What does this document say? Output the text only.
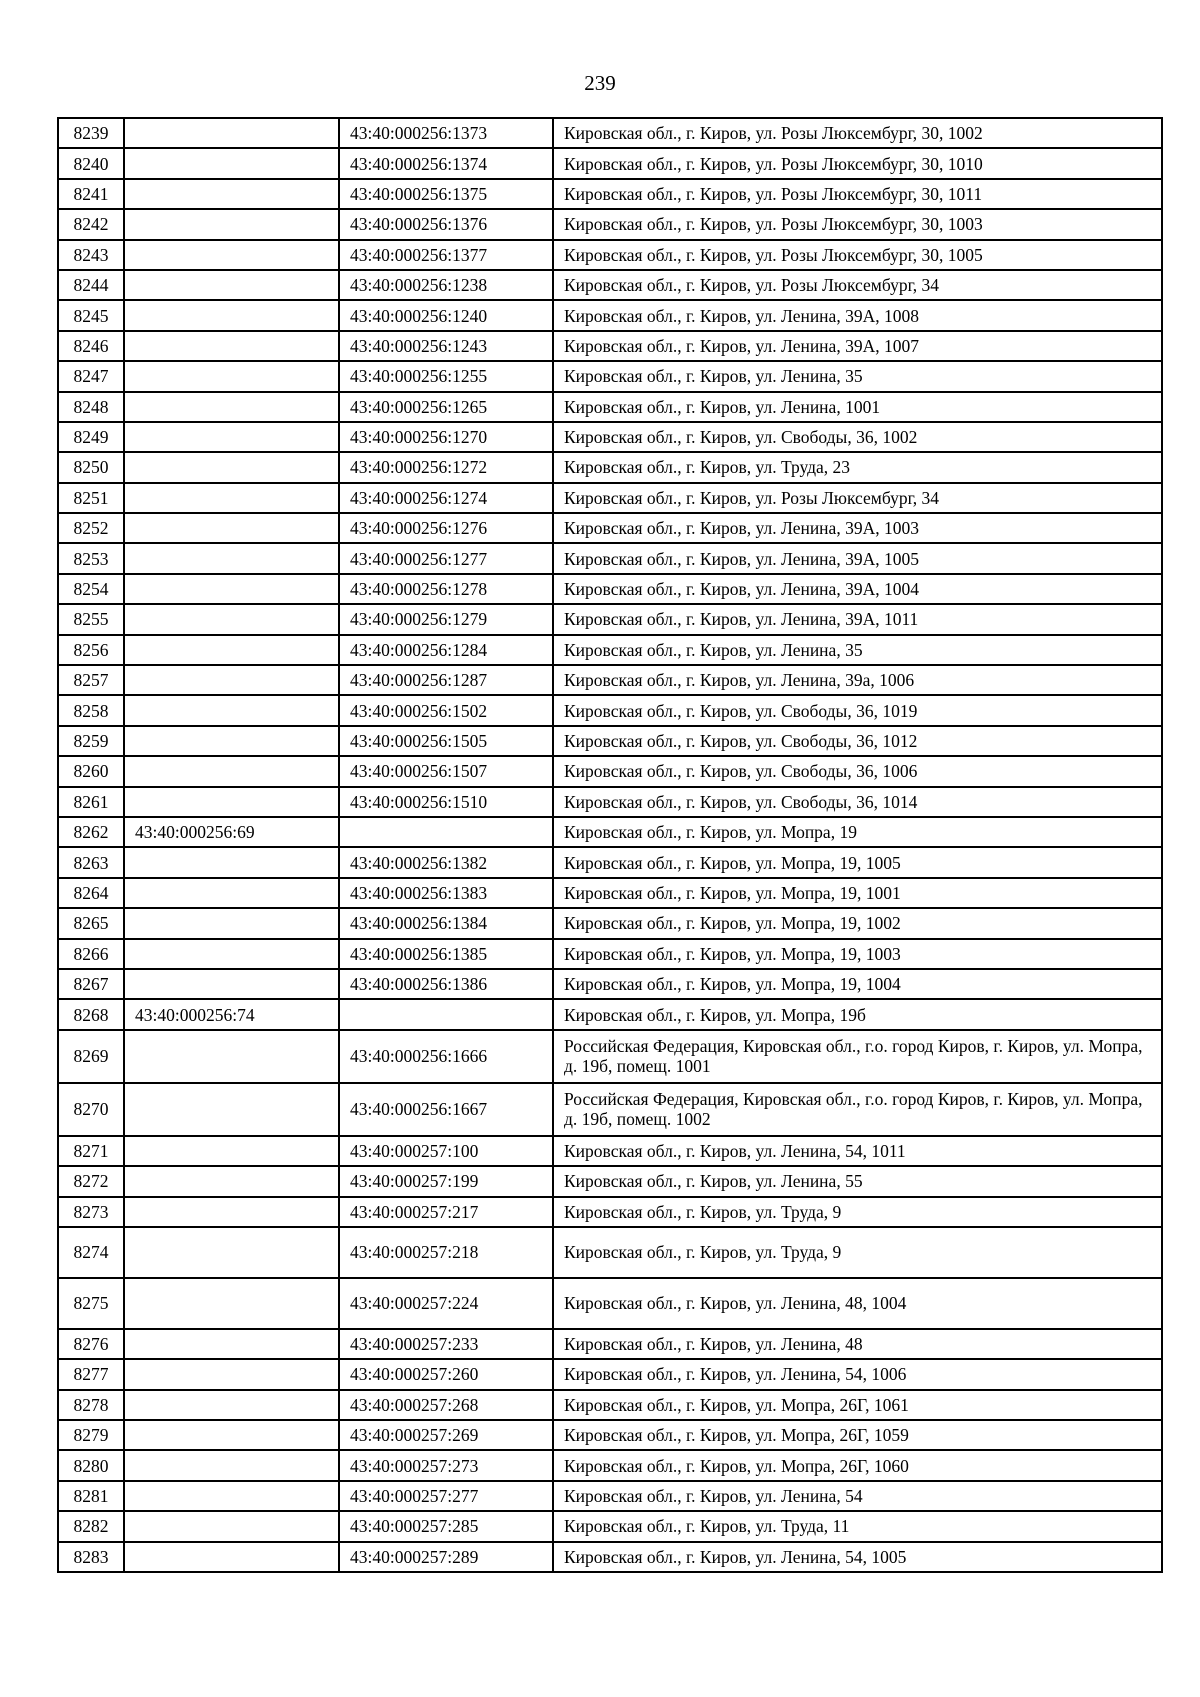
239
8239		43:40:000256:1373	Кировская обл., г. Киров, ул. Розы Люксембург, 30, 1002
8240		43:40:000256:1374	Кировская обл., г. Киров, ул. Розы Люксембург, 30, 1010
8241		43:40:000256:1375	Кировская обл., г. Киров, ул. Розы Люксембург, 30, 1011
8242		43:40:000256:1376	Кировская обл., г. Киров, ул. Розы Люксембург, 30, 1003
8243		43:40:000256:1377	Кировская обл., г. Киров, ул. Розы Люксембург, 30, 1005
8244		43:40:000256:1238	Кировская обл., г. Киров, ул. Розы Люксембург, 34
8245		43:40:000256:1240	Кировская обл., г. Киров, ул. Ленина, 39А, 1008
8246		43:40:000256:1243	Кировская обл., г. Киров, ул. Ленина, 39А, 1007
8247		43:40:000256:1255	Кировская обл., г. Киров, ул. Ленина, 35
8248		43:40:000256:1265	Кировская обл., г. Киров, ул. Ленина, 1001
8249		43:40:000256:1270	Кировская обл., г. Киров, ул. Свободы, 36, 1002
8250		43:40:000256:1272	Кировская обл., г. Киров, ул. Труда, 23
8251		43:40:000256:1274	Кировская обл., г. Киров, ул. Розы Люксембург, 34
8252		43:40:000256:1276	Кировская обл., г. Киров, ул. Ленина, 39А, 1003
8253		43:40:000256:1277	Кировская обл., г. Киров, ул. Ленина, 39А, 1005
8254		43:40:000256:1278	Кировская обл., г. Киров, ул. Ленина, 39А, 1004
8255		43:40:000256:1279	Кировская обл., г. Киров, ул. Ленина, 39А, 1011
8256		43:40:000256:1284	Кировская обл., г. Киров, ул. Ленина, 35
8257		43:40:000256:1287	Кировская обл., г. Киров, ул. Ленина, 39а, 1006
8258		43:40:000256:1502	Кировская обл., г. Киров, ул. Свободы, 36, 1019
8259		43:40:000256:1505	Кировская обл., г. Киров, ул. Свободы, 36, 1012
8260		43:40:000256:1507	Кировская обл., г. Киров, ул. Свободы, 36, 1006
8261		43:40:000256:1510	Кировская обл., г. Киров, ул. Свободы, 36, 1014
8262	43:40:000256:69		Кировская обл., г. Киров, ул. Мопра, 19
8263		43:40:000256:1382	Кировская обл., г. Киров, ул. Мопра, 19, 1005
8264		43:40:000256:1383	Кировская обл., г. Киров, ул. Мопра, 19, 1001
8265		43:40:000256:1384	Кировская обл., г. Киров, ул. Мопра, 19, 1002
8266		43:40:000256:1385	Кировская обл., г. Киров, ул. Мопра, 19, 1003
8267		43:40:000256:1386	Кировская обл., г. Киров, ул. Мопра, 19, 1004
8268	43:40:000256:74		Кировская обл., г. Киров, ул. Мопра, 19б
8269		43:40:000256:1666	Российская Федерация, Кировская обл., г.о. город Киров, г. Киров, ул. Мопра, д. 19б, помещ. 1001
8270		43:40:000256:1667	Российская Федерация, Кировская обл., г.о. город Киров, г. Киров, ул. Мопра, д. 19б, помещ. 1002
8271		43:40:000257:100	Кировская обл., г. Киров, ул. Ленина, 54, 1011
8272		43:40:000257:199	Кировская обл., г. Киров, ул. Ленина, 55
8273		43:40:000257:217	Кировская обл., г. Киров, ул. Труда, 9
8274		43:40:000257:218	Кировская обл., г. Киров, ул. Труда, 9
8275		43:40:000257:224	Кировская обл., г. Киров, ул. Ленина, 48, 1004
8276		43:40:000257:233	Кировская обл., г. Киров, ул. Ленина, 48
8277		43:40:000257:260	Кировская обл., г. Киров, ул. Ленина, 54, 1006
8278		43:40:000257:268	Кировская обл., г. Киров, ул. Мопра, 26Г, 1061
8279		43:40:000257:269	Кировская обл., г. Киров, ул. Мопра, 26Г, 1059
8280		43:40:000257:273	Кировская обл., г. Киров, ул. Мопра, 26Г, 1060
8281		43:40:000257:277	Кировская обл., г. Киров, ул. Ленина, 54
8282		43:40:000257:285	Кировская обл., г. Киров, ул. Труда, 11
8283		43:40:000257:289	Кировская обл., г. Киров, ул. Ленина, 54, 1005
